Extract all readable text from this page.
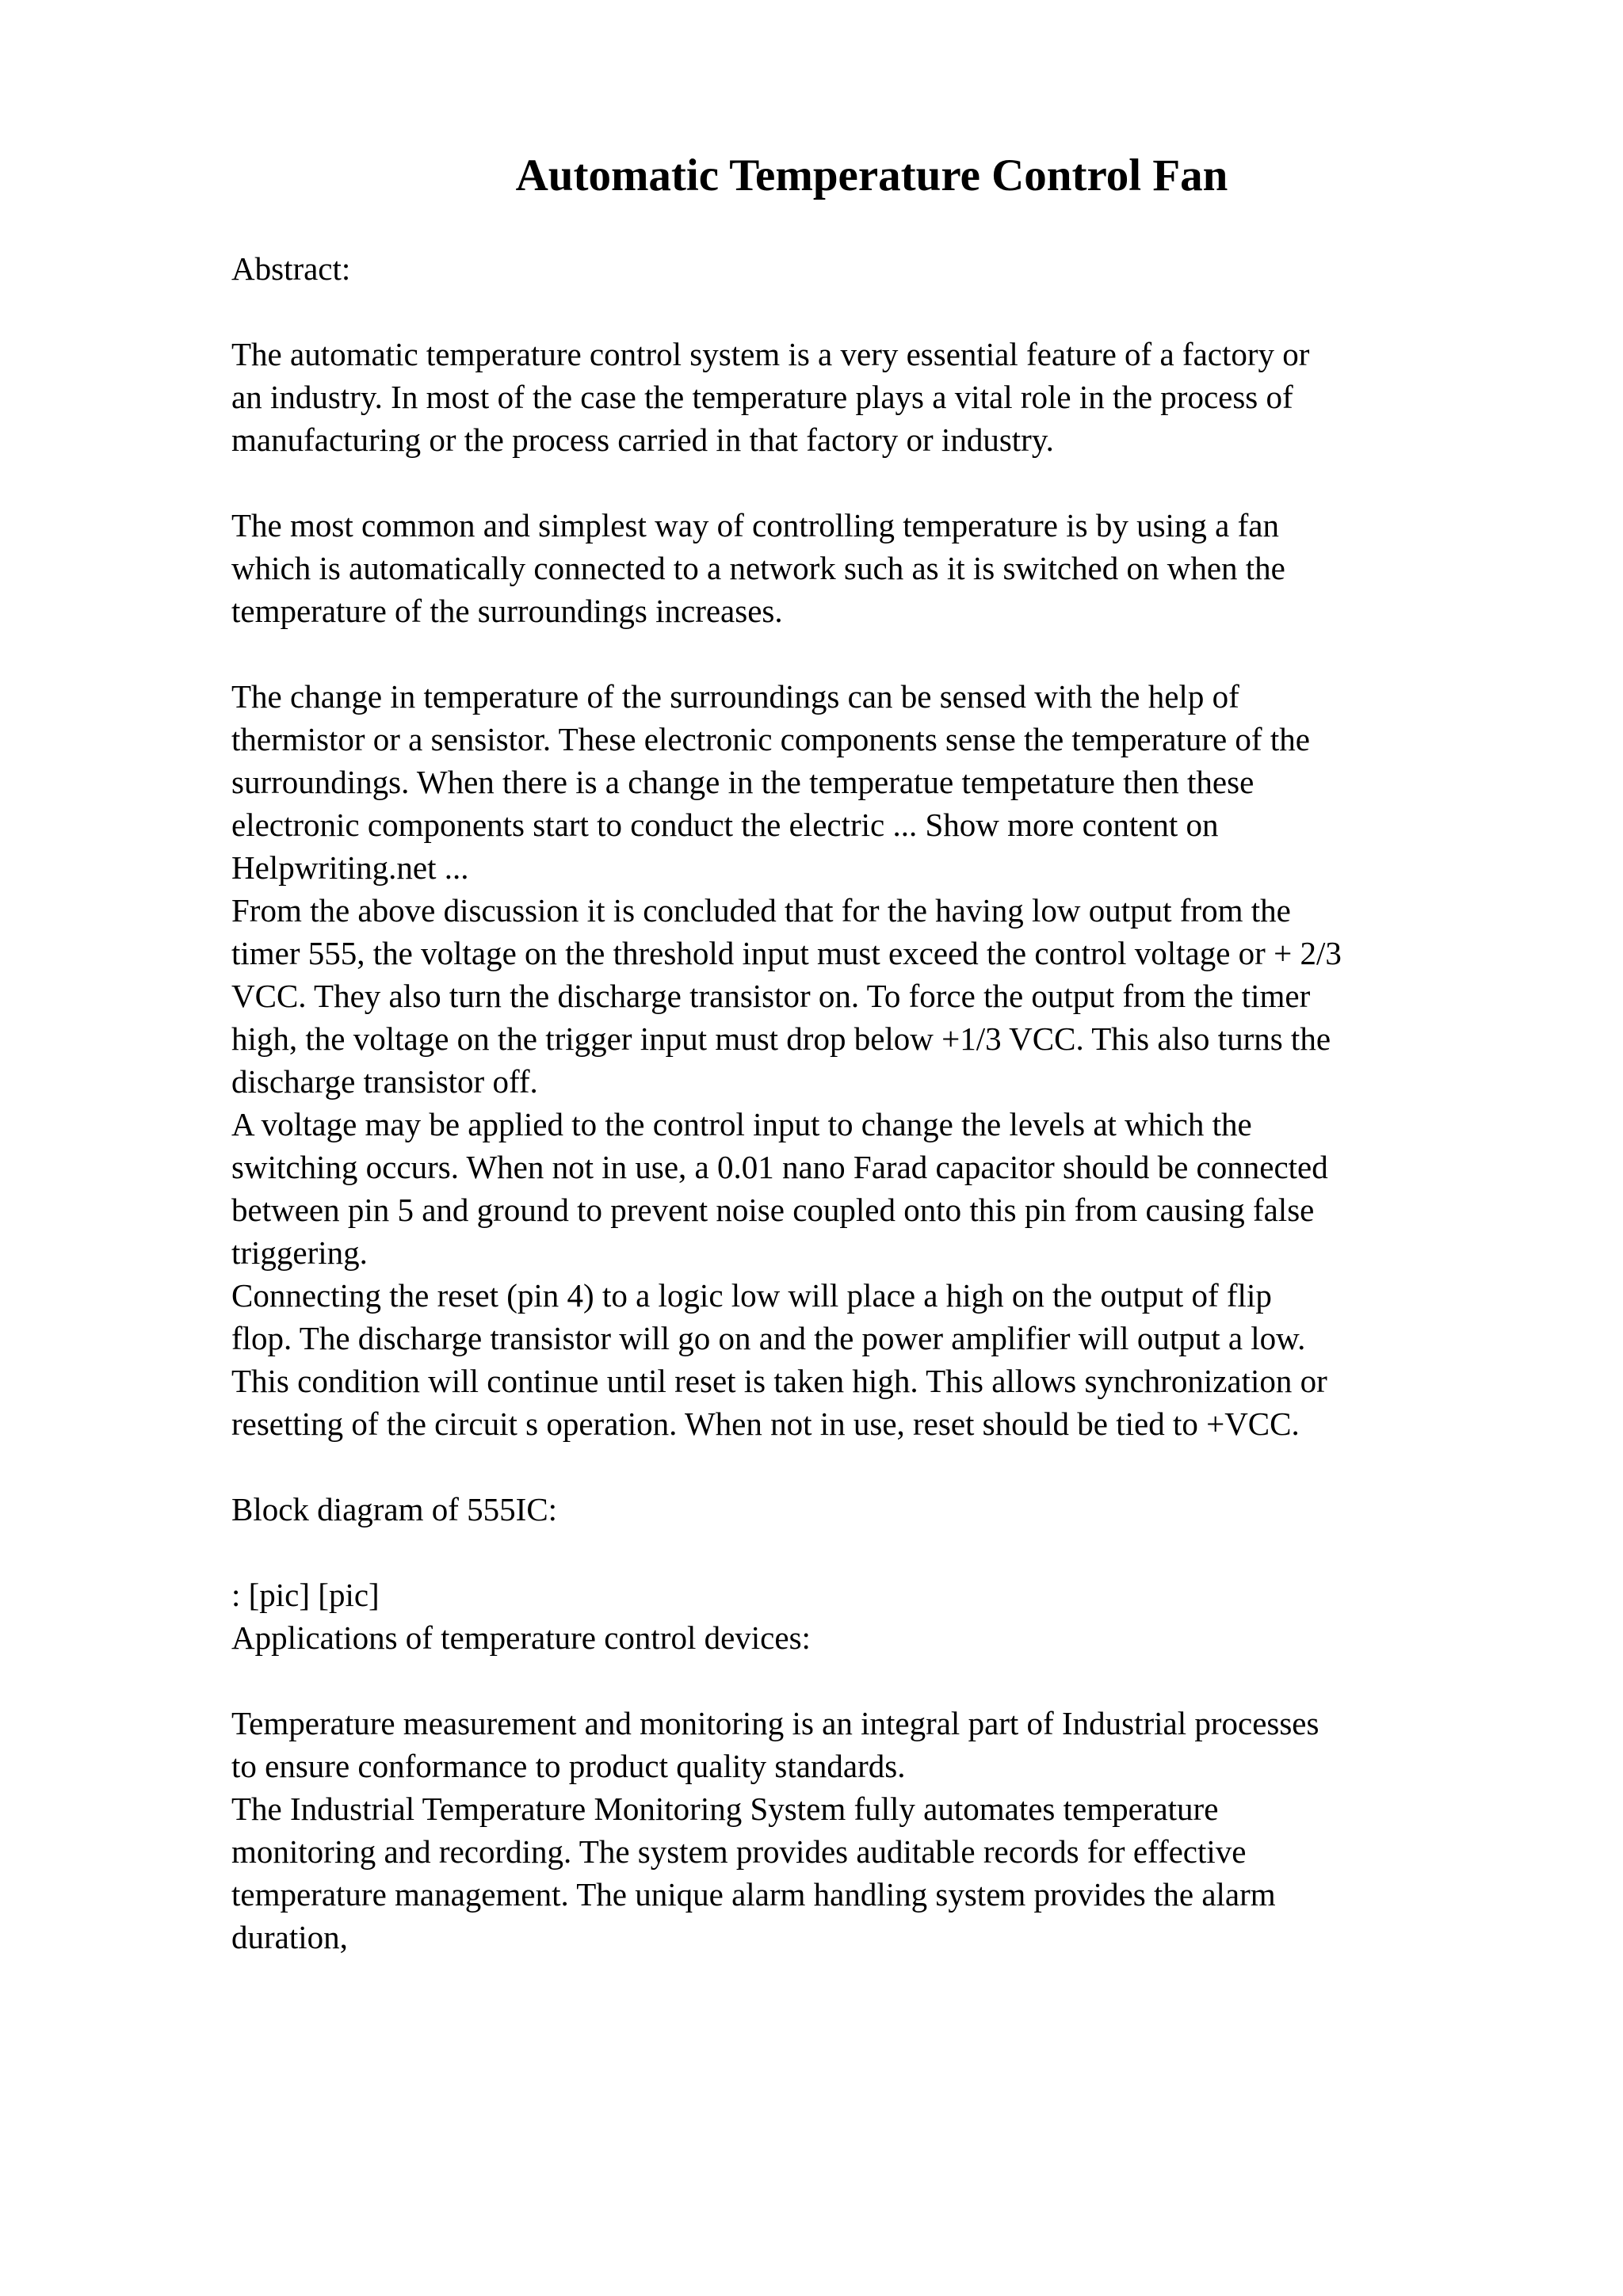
Automatic Temperature Control Fan
Abstract:
The automatic temperature control system is a very essential feature of a factory or
an industry. In most of the case the temperature plays a vital role in the process of
manufacturing or the process carried in that factory or industry.
The most common and simplest way of controlling temperature is by using a fan
which is automatically connected to a network such as it is switched on when the
temperature of the surroundings increases.
The change in temperature of the surroundings can be sensed with the help of
thermistor or a sensistor. These electronic components sense the temperature of the
surroundings. When there is a change in the temperatue tempetature then these
electronic components start to conduct the electric ... Show more content on
Helpwriting.net ...
From the above discussion it is concluded that for the having low output from the
timer 555, the voltage on the threshold input must exceed the control voltage or + 2/3
VCC. They also turn the discharge transistor on. To force the output from the timer
high, the voltage on the trigger input must drop below +1/3 VCC. This also turns the
discharge transistor off.
A voltage may be applied to the control input to change the levels at which the
switching occurs. When not in use, a 0.01 nano Farad capacitor should be connected
between pin 5 and ground to prevent noise coupled onto this pin from causing false
triggering.
Connecting the reset (pin 4) to a logic low will place a high on the output of flip
flop. The discharge transistor will go on and the power amplifier will output a low.
This condition will continue until reset is taken high. This allows synchronization or
resetting of the circuit s operation. When not in use, reset should be tied to +VCC.
Block diagram of 555IC:
: [pic] [pic]
Applications of temperature control devices:
Temperature measurement and monitoring is an integral part of Industrial processes
to ensure conformance to product quality standards.
The Industrial Temperature Monitoring System fully automates temperature
monitoring and recording. The system provides auditable records for effective
temperature management. The unique alarm handling system provides the alarm
duration,
